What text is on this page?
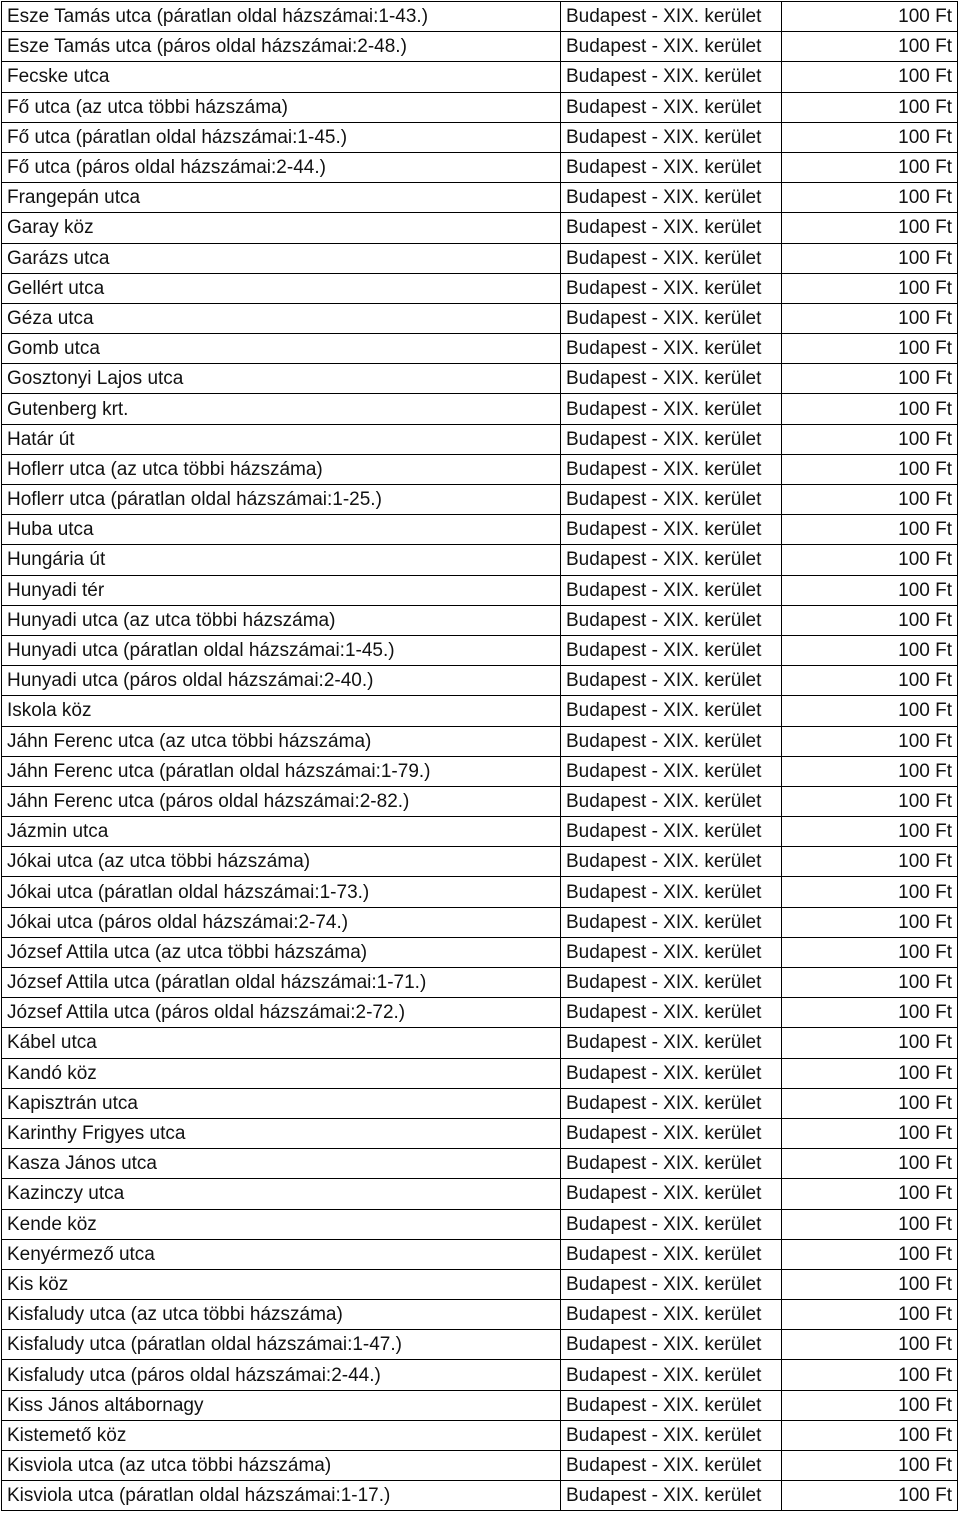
Esze Tamás utca (páratlan oldal házszámai:1-43.)	Budapest - XIX. kerület	100 Ft
Esze Tamás utca (páros oldal házszámai:2-48.)	Budapest - XIX. kerület	100 Ft
Fecske utca	Budapest - XIX. kerület	100 Ft
Fő utca (az utca többi házszáma)	Budapest - XIX. kerület	100 Ft
Fő utca (páratlan oldal házszámai:1-45.)	Budapest - XIX. kerület	100 Ft
Fő utca (páros oldal házszámai:2-44.)	Budapest - XIX. kerület	100 Ft
Frangepán utca	Budapest - XIX. kerület	100 Ft
Garay köz	Budapest - XIX. kerület	100 Ft
Garázs utca	Budapest - XIX. kerület	100 Ft
Gellért utca	Budapest - XIX. kerület	100 Ft
Géza utca	Budapest - XIX. kerület	100 Ft
Gomb utca	Budapest - XIX. kerület	100 Ft
Gosztonyi Lajos utca	Budapest - XIX. kerület	100 Ft
Gutenberg krt.	Budapest - XIX. kerület	100 Ft
Határ út	Budapest - XIX. kerület	100 Ft
Hoflerr utca (az utca többi házszáma)	Budapest - XIX. kerület	100 Ft
Hoflerr utca (páratlan oldal házszámai:1-25.)	Budapest - XIX. kerület	100 Ft
Huba utca	Budapest - XIX. kerület	100 Ft
Hungária út	Budapest - XIX. kerület	100 Ft
Hunyadi tér	Budapest - XIX. kerület	100 Ft
Hunyadi utca (az utca többi házszáma)	Budapest - XIX. kerület	100 Ft
Hunyadi utca (páratlan oldal házszámai:1-45.)	Budapest - XIX. kerület	100 Ft
Hunyadi utca (páros oldal házszámai:2-40.)	Budapest - XIX. kerület	100 Ft
Iskola köz	Budapest - XIX. kerület	100 Ft
Jáhn Ferenc utca (az utca többi házszáma)	Budapest - XIX. kerület	100 Ft
Jáhn Ferenc utca (páratlan oldal házszámai:1-79.)	Budapest - XIX. kerület	100 Ft
Jáhn Ferenc utca (páros oldal házszámai:2-82.)	Budapest - XIX. kerület	100 Ft
Jázmin utca	Budapest - XIX. kerület	100 Ft
Jókai utca (az utca többi házszáma)	Budapest - XIX. kerület	100 Ft
Jókai utca (páratlan oldal házszámai:1-73.)	Budapest - XIX. kerület	100 Ft
Jókai utca (páros oldal házszámai:2-74.)	Budapest - XIX. kerület	100 Ft
József Attila utca (az utca többi házszáma)	Budapest - XIX. kerület	100 Ft
József Attila utca (páratlan oldal házszámai:1-71.)	Budapest - XIX. kerület	100 Ft
József Attila utca (páros oldal házszámai:2-72.)	Budapest - XIX. kerület	100 Ft
Kábel utca	Budapest - XIX. kerület	100 Ft
Kandó köz	Budapest - XIX. kerület	100 Ft
Kapisztrán utca	Budapest - XIX. kerület	100 Ft
Karinthy Frigyes utca	Budapest - XIX. kerület	100 Ft
Kasza János utca	Budapest - XIX. kerület	100 Ft
Kazinczy utca	Budapest - XIX. kerület	100 Ft
Kende köz	Budapest - XIX. kerület	100 Ft
Kenyérmező utca	Budapest - XIX. kerület	100 Ft
Kis köz	Budapest - XIX. kerület	100 Ft
Kisfaludy utca (az utca többi házszáma)	Budapest - XIX. kerület	100 Ft
Kisfaludy utca (páratlan oldal házszámai:1-47.)	Budapest - XIX. kerület	100 Ft
Kisfaludy utca (páros oldal házszámai:2-44.)	Budapest - XIX. kerület	100 Ft
Kiss János altábornagy	Budapest - XIX. kerület	100 Ft
Kistemető köz	Budapest - XIX. kerület	100 Ft
Kisviola utca (az utca többi házszáma)	Budapest - XIX. kerület	100 Ft
Kisviola utca (páratlan oldal házszámai:1-17.)	Budapest - XIX. kerület	100 Ft
